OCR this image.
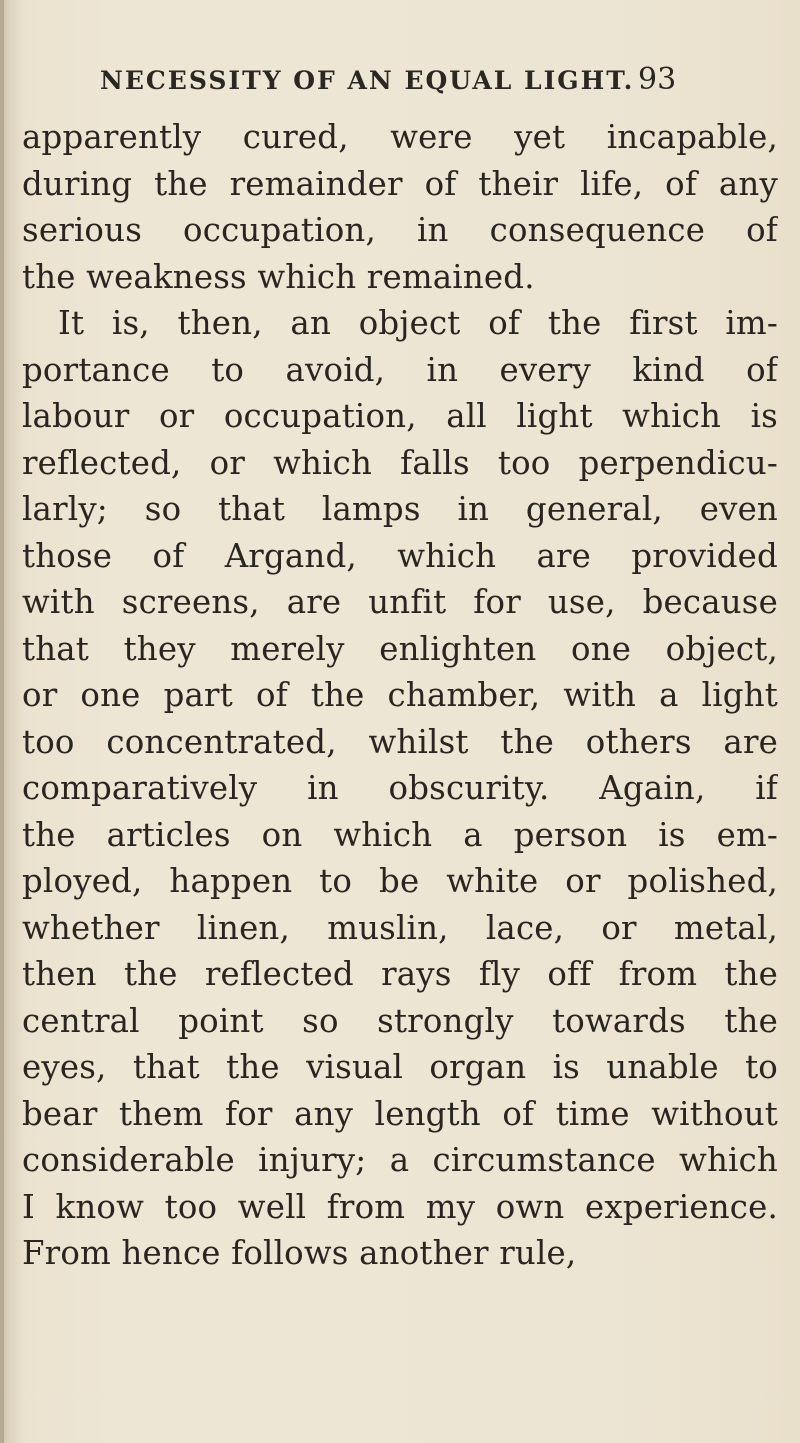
NECESSITY OF AN EQUAL LIGHT. 93
apparently cured, were yet incapable,
during the remainder of their life, of any
serious occupation, in consequence of
the weakness which remained.
It is, then, an object of the first im-
portance to avoid, in every kind of
labour or occupation, all light which is
reflected, or which falls too perpendicu-
larly; so that lamps in general, even
those of Argand, which are provided
with screens, are unfit for use, because
that they merely enlighten one object,
or one part of the chamber, with a light
too concentrated, whilst the others are
comparatively in obscurity. Again, if
the articles on which a person is em-
ployed, happen to be white or polished,
whether linen, muslin, lace, or metal,
then the reflected rays fly off from the
central point so strongly towards the
eyes, that the visual organ is unable to
bear them for any length of time without
considerable injury; a circumstance which
I know too well from my own experience.
From hence follows another rule,
